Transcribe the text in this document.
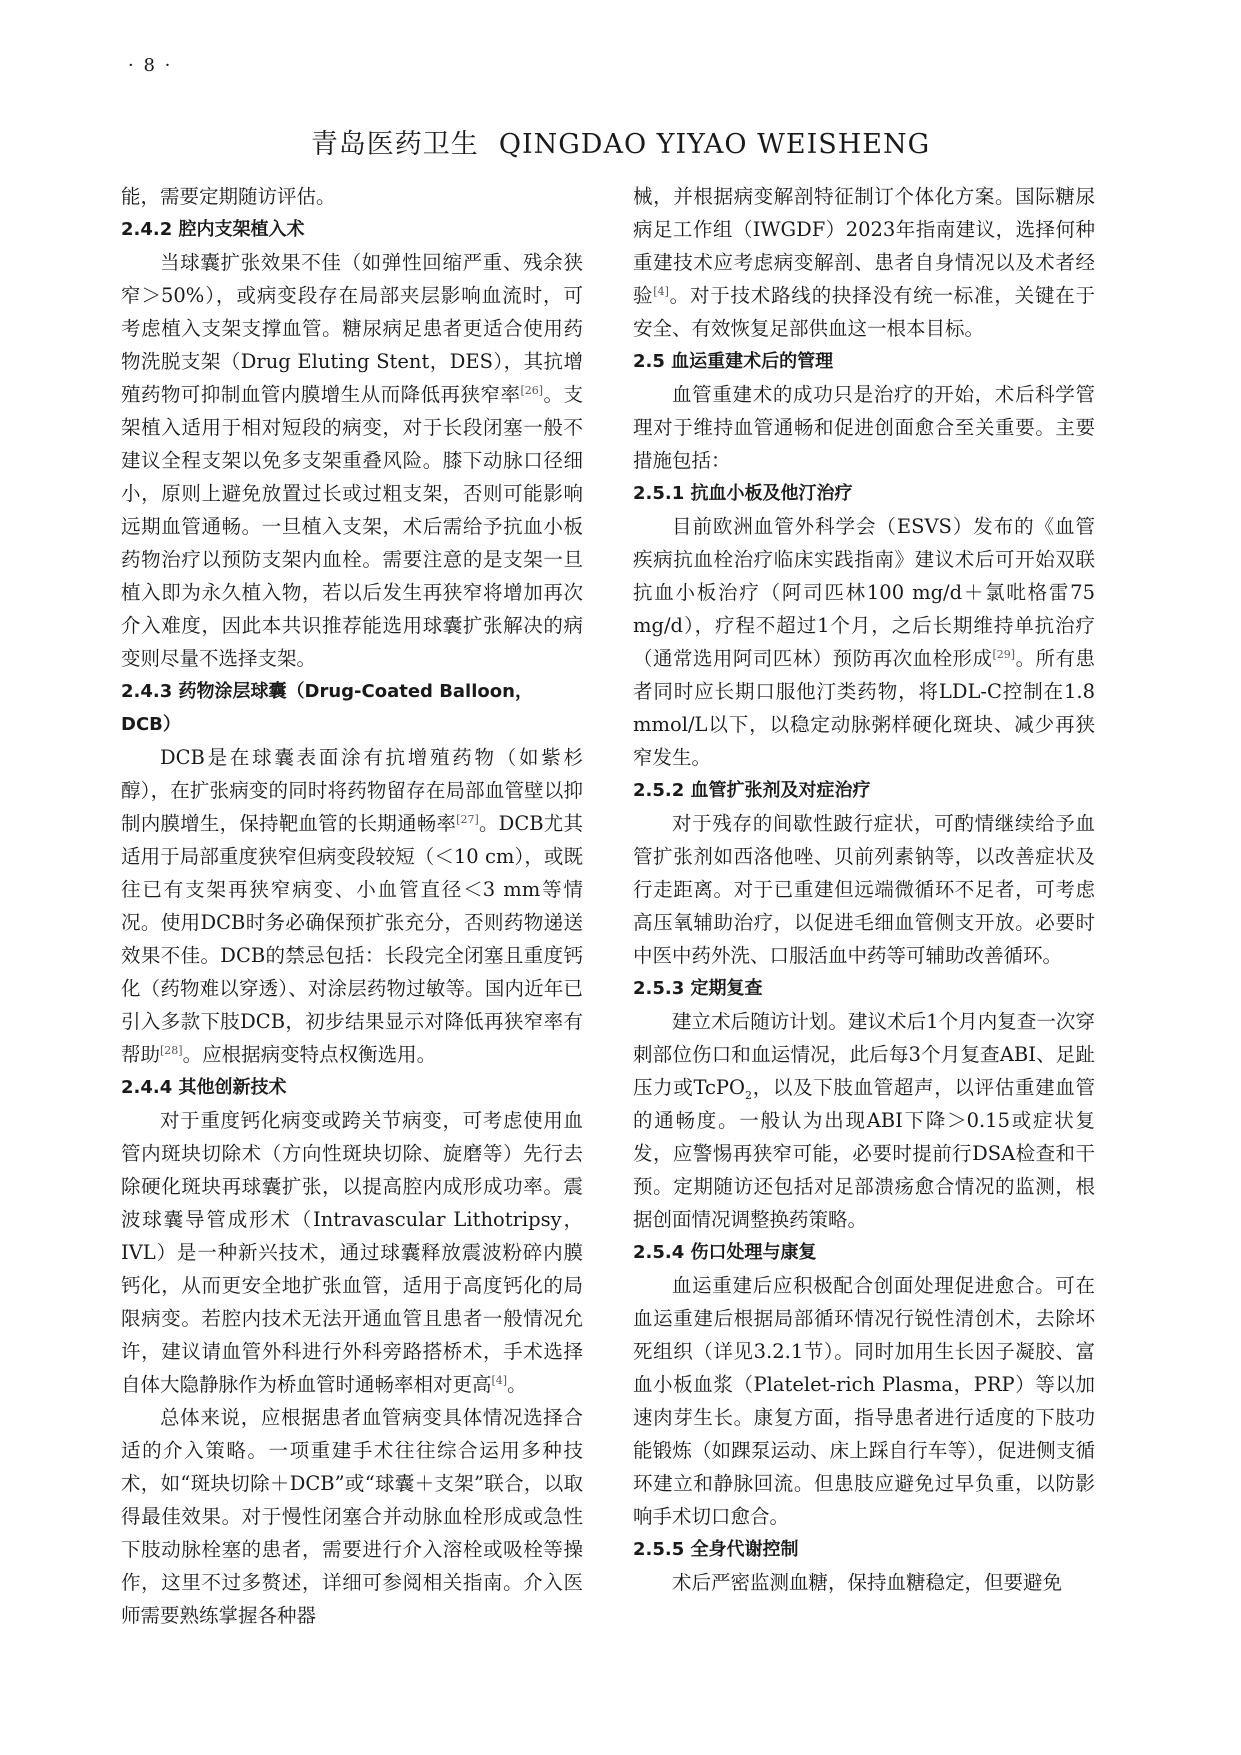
· 8 ·
青岛医药卫生 QINGDAO YIYAO WEISHENG

能，需要定期随访评估。

2.4.2 腔内支架植入术

当球囊扩张效果不佳（如弹性回缩严重、残余狭窄＞50%），或病变段存在局部夹层影响血流时，可考虑植入支架支撑血管。糖尿病足患者更适合使用药物洗脱支架（Drug Eluting Stent，DES），其抗增殖药物可抑制血管内膜增生从而降低再狭窄率[26]。支架植入适用于相对短段的病变，对于长段闭塞一般不建议全程支架以免多支架重叠风险。膝下动脉口径细小，原则上避免放置过长或过粗支架，否则可能影响远期血管通畅。一旦植入支架，术后需给予抗血小板药物治疗以预防支架内血栓。需要注意的是支架一旦植入即为永久植入物，若以后发生再狭窄将增加再次介入难度，因此本共识推荐能选用球囊扩张解决的病变则尽量不选择支架。

2.4.3 药物涂层球囊（Drug-Coated Balloon，DCB）

DCB是在球囊表面涂有抗增殖药物（如紫杉醇），在扩张病变的同时将药物留存在局部血管壁以抑制内膜增生，保持靶血管的长期通畅率[27]。DCB尤其适用于局部重度狭窄但病变段较短（＜10 cm），或既往已有支架再狭窄病变、小血管直径＜3 mm等情况。使用DCB时务必确保预扩张充分，否则药物递送效果不佳。DCB的禁忌包括：长段完全闭塞且重度钙化（药物难以穿透）、对涂层药物过敏等。国内近年已引入多款下肢DCB，初步结果显示对降低再狭窄率有帮助[28]。应根据病变特点权衡选用。

2.4.4 其他创新技术

对于重度钙化病变或跨关节病变，可考虑使用血管内斑块切除术（方向性斑块切除、旋磨等）先行去除硬化斑块再球囊扩张，以提高腔内成形成功率。震波球囊导管成形术（Intravascular Lithotripsy，IVL）是一种新兴技术，通过球囊释放震波粉碎内膜钙化，从而更安全地扩张血管，适用于高度钙化的局限病变。若腔内技术无法开通血管且患者一般情况允许，建议请血管外科进行外科旁路搭桥术，手术选择自体大隐静脉作为桥血管时通畅率相对更高[4]。

总体来说，应根据患者血管病变具体情况选择合适的介入策略。一项重建手术往往综合运用多种技术，如“斑块切除＋DCB”或“球囊＋支架”联合，以取得最佳效果。对于慢性闭塞合并动脉血栓形成或急性下肢动脉栓塞的患者，需要进行介入溶栓或吸栓等操作，这里不过多赘述，详细可参阅相关指南。介入医师需要熟练掌握各种器

械，并根据病变解剖特征制订个体化方案。国际糖尿病足工作组（IWGDF）2023年指南建议，选择何种重建技术应考虑病变解剖、患者自身情况以及术者经验[4]。对于技术路线的抉择没有统一标准，关键在于安全、有效恢复足部供血这一根本目标。

2.5 血运重建术后的管理

血管重建术的成功只是治疗的开始，术后科学管理对于维持血管通畅和促进创面愈合至关重要。主要措施包括：

2.5.1 抗血小板及他汀治疗

目前欧洲血管外科学会（ESVS）发布的《血管疾病抗血栓治疗临床实践指南》建议术后可开始双联抗血小板治疗（阿司匹林100 mg/d＋氯吡格雷75 mg/d），疗程不超过1个月，之后长期维持单抗治疗（通常选用阿司匹林）预防再次血栓形成[29]。所有患者同时应长期口服他汀类药物，将LDL-C控制在1.8 mmol/L以下，以稳定动脉粥样硬化斑块、减少再狭窄发生。

2.5.2 血管扩张剂及对症治疗

对于残存的间歇性跛行症状，可酌情继续给予血管扩张剂如西洛他唑、贝前列素钠等，以改善症状及行走距离。对于已重建但远端微循环不足者，可考虑高压氧辅助治疗，以促进毛细血管侧支开放。必要时中医中药外洗、口服活血中药等可辅助改善循环。

2.5.3 定期复查

建立术后随访计划。建议术后1个月内复查一次穿刺部位伤口和血运情况，此后每3个月复查ABI、足趾压力或TcPO$_2$，以及下肢血管超声，以评估重建血管的通畅度。一般认为出现ABI下降＞0.15或症状复发，应警惕再狭窄可能，必要时提前行DSA检查和干预。定期随访还包括对足部溃疡愈合情况的监测，根据创面情况调整换药策略。

2.5.4 伤口处理与康复

血运重建后应积极配合创面处理促进愈合。可在血运重建后根据局部循环情况行锐性清创术，去除坏死组织（详见3.2.1节）。同时加用生长因子凝胶、富血小板血浆（Platelet-rich Plasma，PRP）等以加速肉芽生长。康复方面，指导患者进行适度的下肢功能锻炼（如踝泵运动、床上踩自行车等），促进侧支循环建立和静脉回流。但患肢应避免过早负重，以防影响手术切口愈合。

2.5.5 全身代谢控制

术后严密监测血糖，保持血糖稳定，但要避免
